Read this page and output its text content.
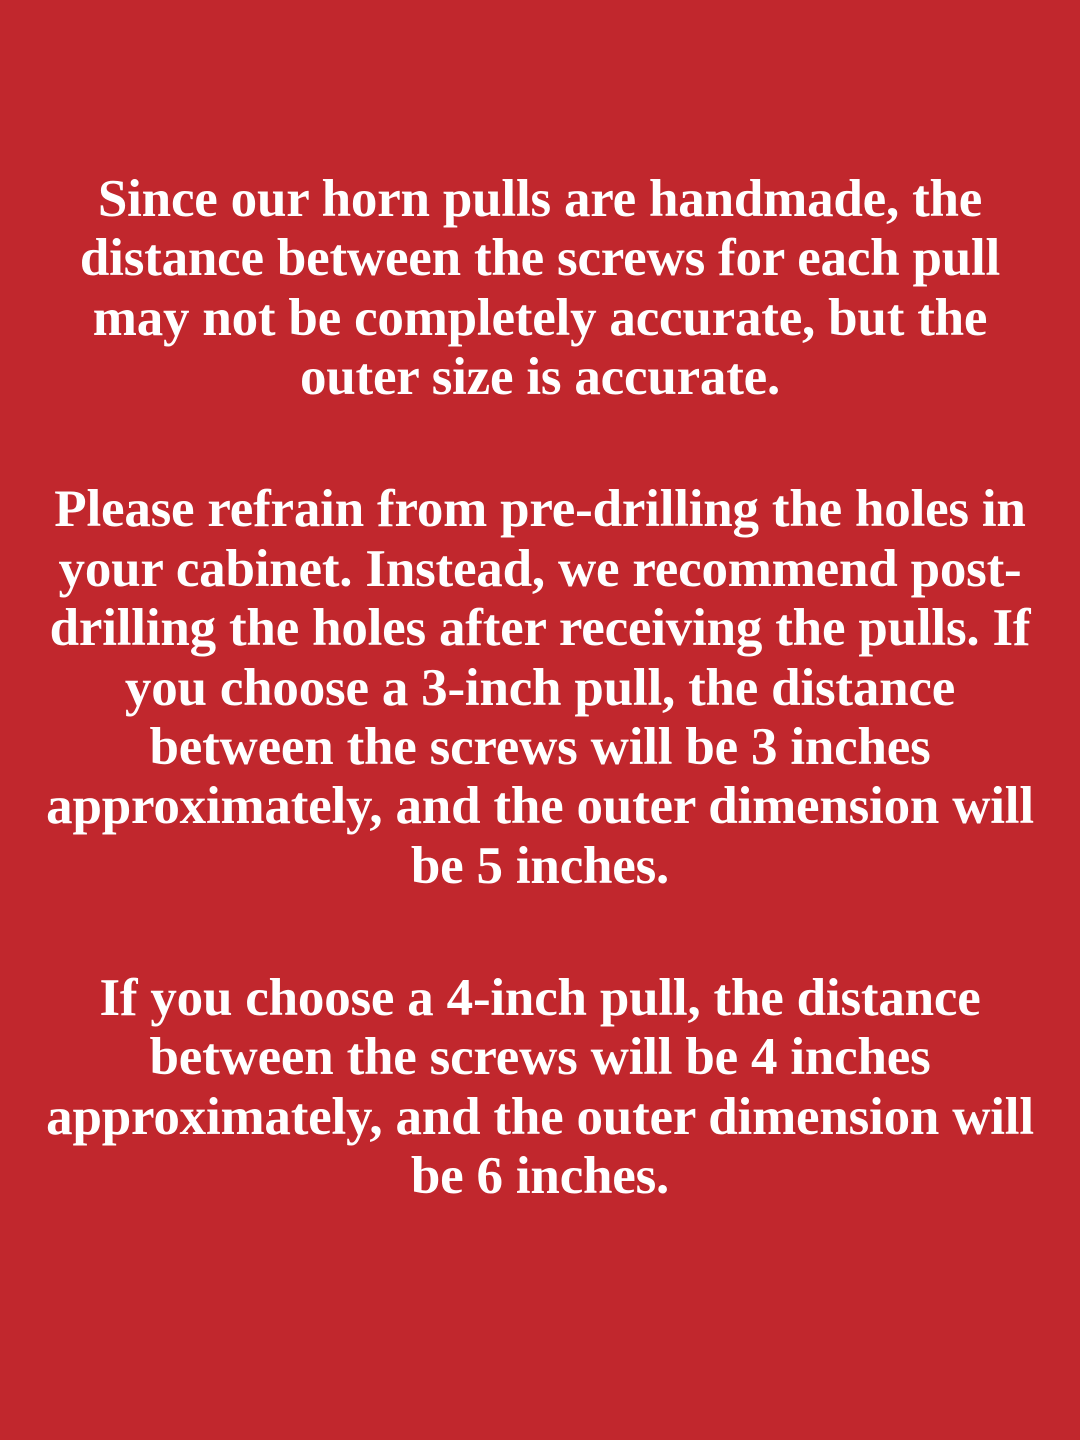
Since our horn pulls are handmade, the distance between the screws for each pull may not be completely accurate, but the outer size is accurate.

Please refrain from pre-drilling the holes in your cabinet. Instead, we recommend post-drilling the holes after receiving the pulls. If you choose a 3-inch pull, the distance between the screws will be 3 inches approximately, and the outer dimension will be 5 inches.

If you choose a 4-inch pull, the distance between the screws will be 4 inches approximately, and the outer dimension will be 6 inches.
